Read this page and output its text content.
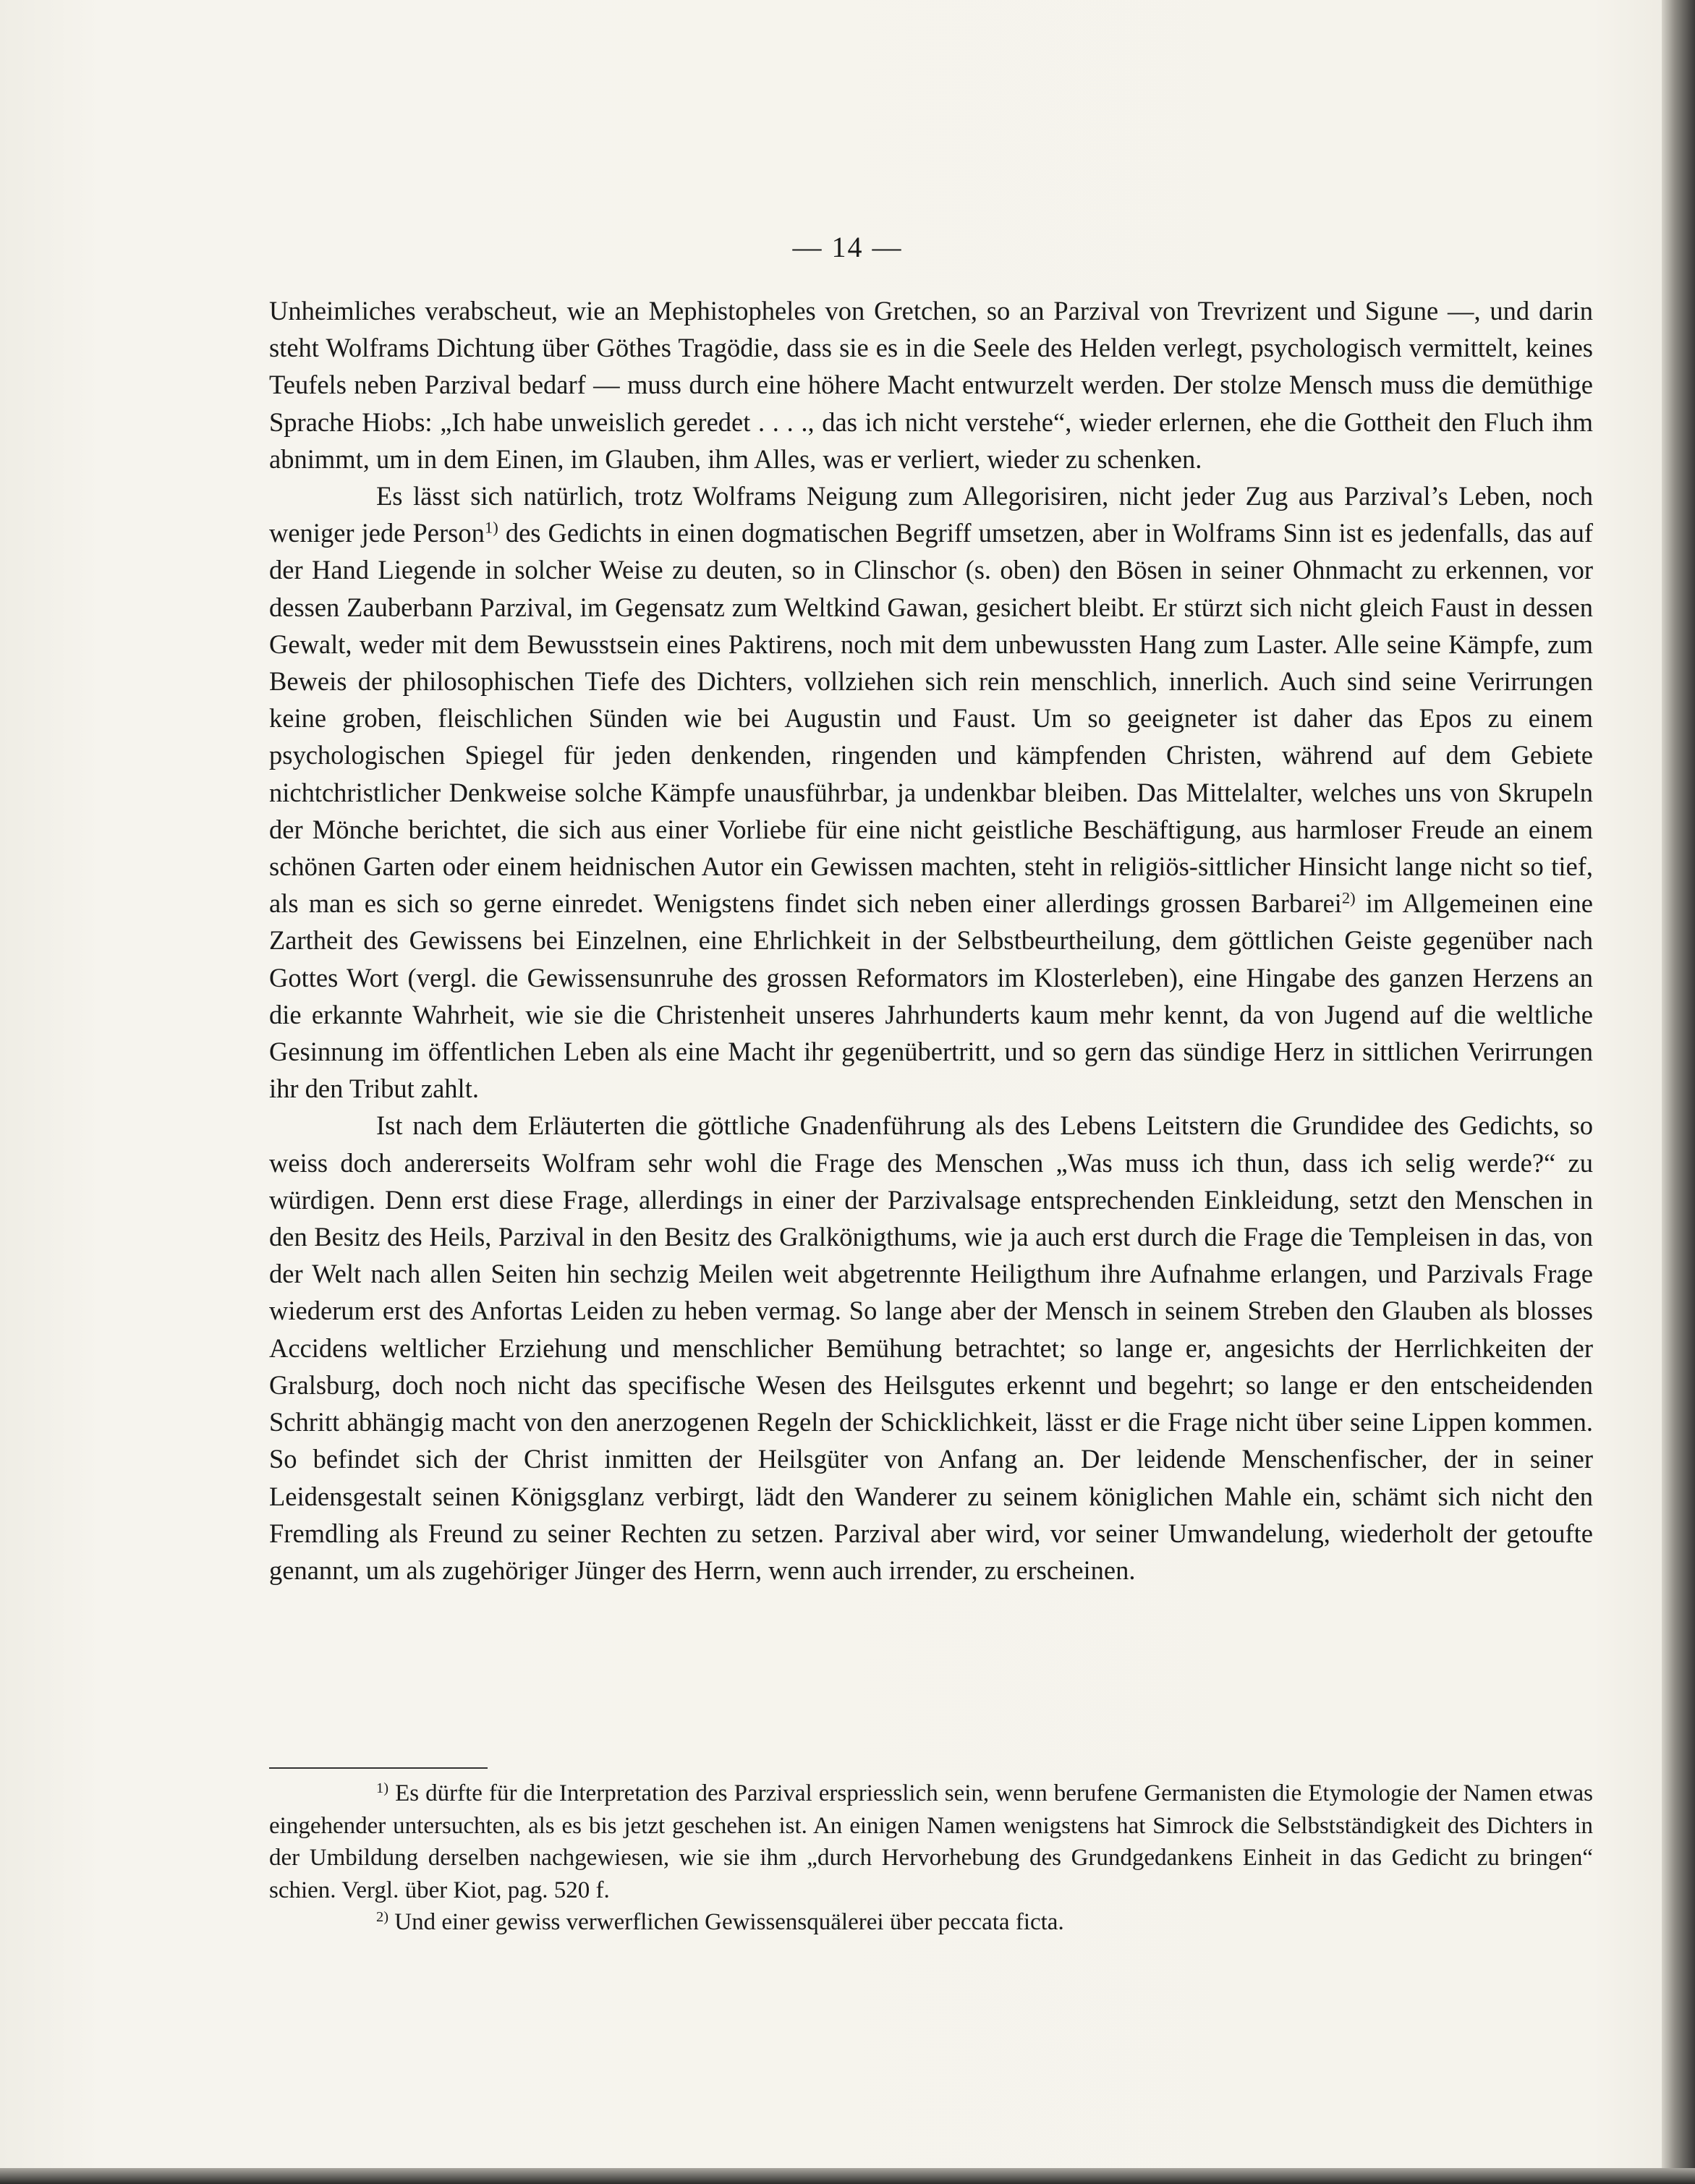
— 14 —

Unheimliches verabscheut, wie an Mephistopheles von Gretchen, so an Parzival von Trevrizent und Sigune —, und darin steht Wolframs Dichtung über Göthes Tragödie, dass sie es in die Seele des Helden verlegt, psychologisch vermittelt, keines Teufels neben Parzival bedarf — muss durch eine höhere Macht entwurzelt werden. Der stolze Mensch muss die demüthige Sprache Hiobs: „Ich habe unweislich geredet . . . ., das ich nicht verstehe“, wieder erlernen, ehe die Gottheit den Fluch ihm abnimmt, um in dem Einen, im Glauben, ihm Alles, was er verliert, wieder zu schenken.

Es lässt sich natürlich, trotz Wolframs Neigung zum Allegorisiren, nicht jeder Zug aus Parzival’s Leben, noch weniger jede Person$^{1)}$ des Gedichts in einen dogmatischen Begriff umsetzen, aber in Wolframs Sinn ist es jedenfalls, das auf der Hand Liegende in solcher Weise zu deuten, so in Clinschor (s. oben) den Bösen in seiner Ohnmacht zu erkennen, vor dessen Zauberbann Parzival, im Gegensatz zum Weltkind Gawan, gesichert bleibt. Er stürzt sich nicht gleich Faust in dessen Gewalt, weder mit dem Bewusstsein eines Paktirens, noch mit dem unbewussten Hang zum Laster. Alle seine Kämpfe, zum Beweis der philosophischen Tiefe des Dichters, vollziehen sich rein menschlich, innerlich. Auch sind seine Verirrungen keine groben, fleischlichen Sünden wie bei Augustin und Faust. Um so geeigneter ist daher das Epos zu einem psychologischen Spiegel für jeden denkenden, ringenden und kämpfenden Christen, während auf dem Gebiete nichtchristlicher Denkweise solche Kämpfe unausführbar, ja undenkbar bleiben. Das Mittelalter, welches uns von Skrupeln der Mönche berichtet, die sich aus einer Vorliebe für eine nicht geistliche Beschäftigung, aus harmloser Freude an einem schönen Garten oder einem heidnischen Autor ein Gewissen machten, steht in religiös-sittlicher Hinsicht lange nicht so tief, als man es sich so gerne einredet. Wenigstens findet sich neben einer allerdings grossen Barbarei$^{2)}$ im Allgemeinen eine Zartheit des Gewissens bei Einzelnen, eine Ehrlichkeit in der Selbstbeurtheilung, dem göttlichen Geiste gegenüber nach Gottes Wort (vergl. die Gewissensunruhe des grossen Reformators im Klosterleben), eine Hingabe des ganzen Herzens an die erkannte Wahrheit, wie sie die Christenheit unseres Jahrhunderts kaum mehr kennt, da von Jugend auf die weltliche Gesinnung im öffentlichen Leben als eine Macht ihr gegenübertritt, und so gern das sündige Herz in sittlichen Verirrungen ihr den Tribut zahlt.

Ist nach dem Erläuterten die göttliche Gnadenführung als des Lebens Leitstern die Grundidee des Gedichts, so weiss doch andererseits Wolfram sehr wohl die Frage des Menschen „Was muss ich thun, dass ich selig werde?“ zu würdigen. Denn erst diese Frage, allerdings in einer der Parzivalsage entsprechenden Einkleidung, setzt den Menschen in den Besitz des Heils, Parzival in den Besitz des Gralkönigthums, wie ja auch erst durch die Frage die Templeisen in das, von der Welt nach allen Seiten hin sechzig Meilen weit abgetrennte Heiligthum ihre Aufnahme erlangen, und Parzivals Frage wiederum erst des Anfortas Leiden zu heben vermag. So lange aber der Mensch in seinem Streben den Glauben als blosses Accidens weltlicher Erziehung und menschlicher Bemühung betrachtet; so lange er, angesichts der Herrlichkeiten der Gralsburg, doch noch nicht das specifische Wesen des Heilsgutes erkennt und begehrt; so lange er den entscheidenden Schritt abhängig macht von den anerzogenen Regeln der Schicklichkeit, lässt er die Frage nicht über seine Lippen kommen. So befindet sich der Christ inmitten der Heilsgüter von Anfang an. Der leidende Menschenfischer, der in seiner Leidensgestalt seinen Königsglanz verbirgt, lädt den Wanderer zu seinem königlichen Mahle ein, schämt sich nicht den Fremdling als Freund zu seiner Rechten zu setzen. Parzival aber wird, vor seiner Umwandelung, wiederholt der getoufte genannt, um als zugehöriger Jünger des Herrn, wenn auch irrender, zu erscheinen.

$^{1)}$ Es dürfte für die Interpretation des Parzival erspriesslich sein, wenn berufene Germanisten die Etymologie der Namen etwas eingehender untersuchten, als es bis jetzt geschehen ist. An einigen Namen wenigstens hat Simrock die Selbstständigkeit des Dichters in der Umbildung derselben nachgewiesen, wie sie ihm „durch Hervorhebung des Grundgedankens Einheit in das Gedicht zu bringen“ schien. Vergl. über Kiot, pag. 520 f.

$^{2)}$ Und einer gewiss verwerflichen Gewissensquälerei über peccata ficta.
